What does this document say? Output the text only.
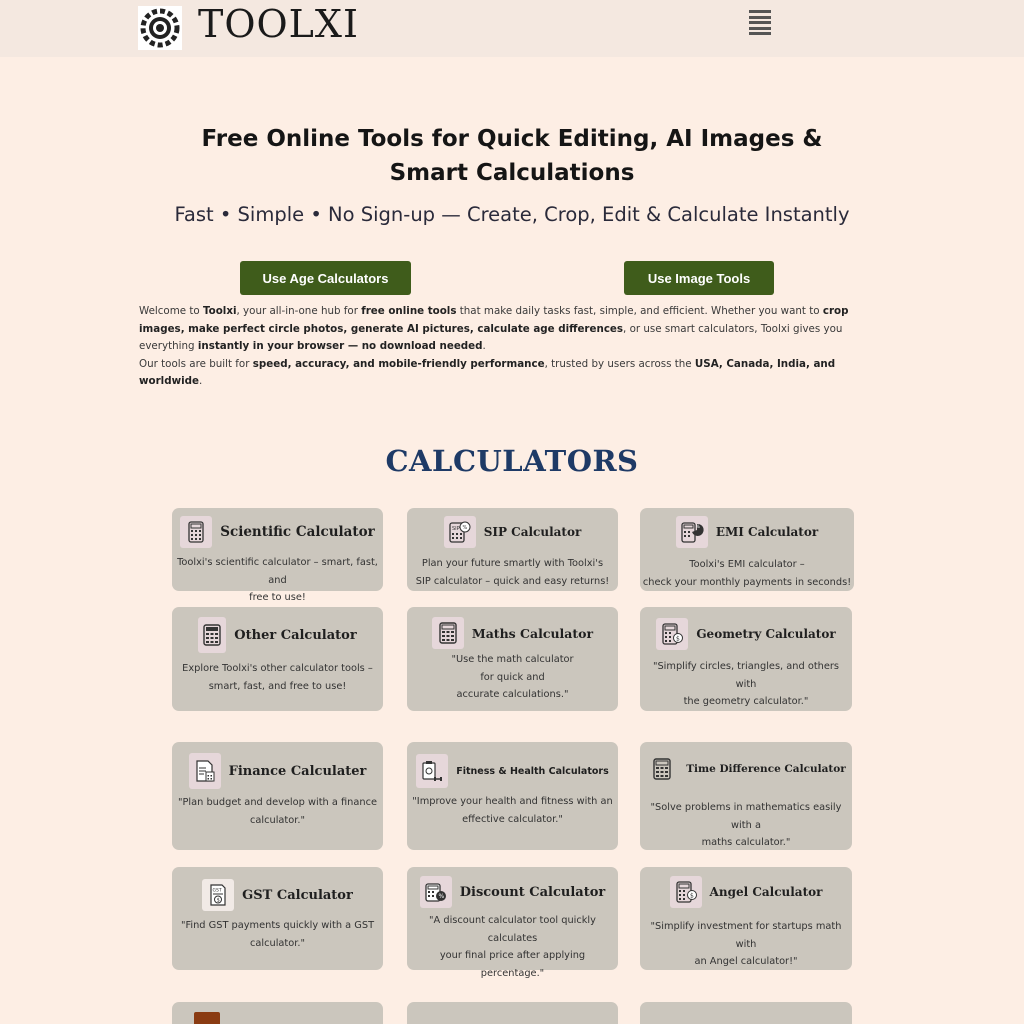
TOOLXI
Free Online Tools for Quick Editing, AI Images & Smart Calculations
Fast • Simple • No Sign-up — Create, Crop, Edit & Calculate Instantly
Use Age Calculators	Use Image Tools
Welcome to Toolxi, your all-in-one hub for free online tools that make daily tasks fast, simple, and efficient. Whether you want to crop images, make perfect circle photos, generate AI pictures, calculate age differences, or use smart calculators, Toolxi gives you everything instantly in your browser — no download needed.
Our tools are built for speed, accuracy, and mobile-friendly performance, trusted by users across the USA, Canada, India, and worldwide.
CALCULATORS
Scientific Calculator
Toolxi's scientific calculator – smart, fast, and
free to use!
SIP % SIP Calculator
Plan your future smartly with Toolxi's
SIP calculator – quick and easy returns!
% EMI Calculator
Toolxi's EMI calculator –
check your monthly payments in seconds!
Other Calculator
Explore Toolxi's other calculator tools –
smart, fast, and free to use!
Maths Calculator
"Use the math calculator
for quick and
accurate calculations."
$ Geometry Calculator
"Simplify circles, triangles, and others with
the geometry calculator."
Finance Calculater
"Plan budget and develop with a finance
calculator."
Fitness & Health Calculators
"Improve your health and fitness with an
effective calculator."
Time Difference Calculator
"Solve problems in mathematics easily with a
maths calculator."
GST
$ GST Calculator
"Find GST payments quickly with a GST
calculator."
% Discount Calculator
"A discount calculator tool quickly calculates
your final price after applying percentage."
$ Angel Calculator
"Simplify investment for startups math with
an Angel calculator!"
